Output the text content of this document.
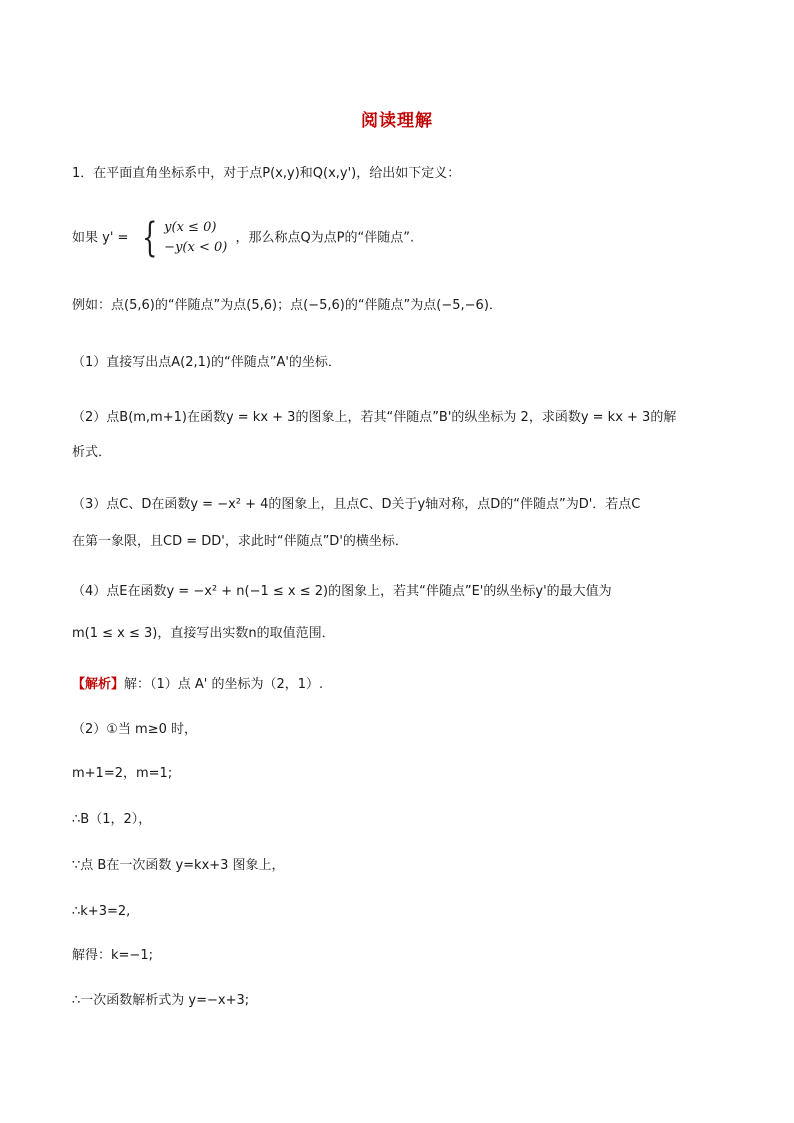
阅读理解
1．在平面直角坐标系中，对于点P(x,y)和Q(x,y')，给出如下定义：
如果 y' = { y(x ≤ 0)
−y(x < 0)
，那么称点Q为点P的“伴随点”.
例如：点(5,6)的“伴随点”为点(5,6)；点(−5,6)的“伴随点”为点(−5,−6)．
（1）直接写出点A(2,1)的“伴随点”A'的坐标．
（2）点B(m,m+1)在函数y = kx + 3的图象上，若其“伴随点”B'的纵坐标为 2，求函数y = kx + 3的解
析式．
（3）点C、D在函数y = −x² + 4的图象上，且点C、D关于y轴对称，点D的“伴随点”为D'．若点C
在第一象限，且CD = DD'，求此时“伴随点”D'的横坐标．
（4）点E在函数y = −x² + n(−1 ≤ x ≤ 2)的图象上，若其“伴随点”E'的纵坐标y'的最大值为
m(1 ≤ x ≤ 3)，直接写出实数n的取值范围．
【解析】解：（1）点 A' 的坐标为（2，1）.
（2）①当 m≥0 时，
m+1=2，m=1;
∴B（1，2），
∵点 B在一次函数 y=kx+3 图象上，
∴k+3=2,
解得：k=−1;
∴一次函数解析式为 y=−x+3;
